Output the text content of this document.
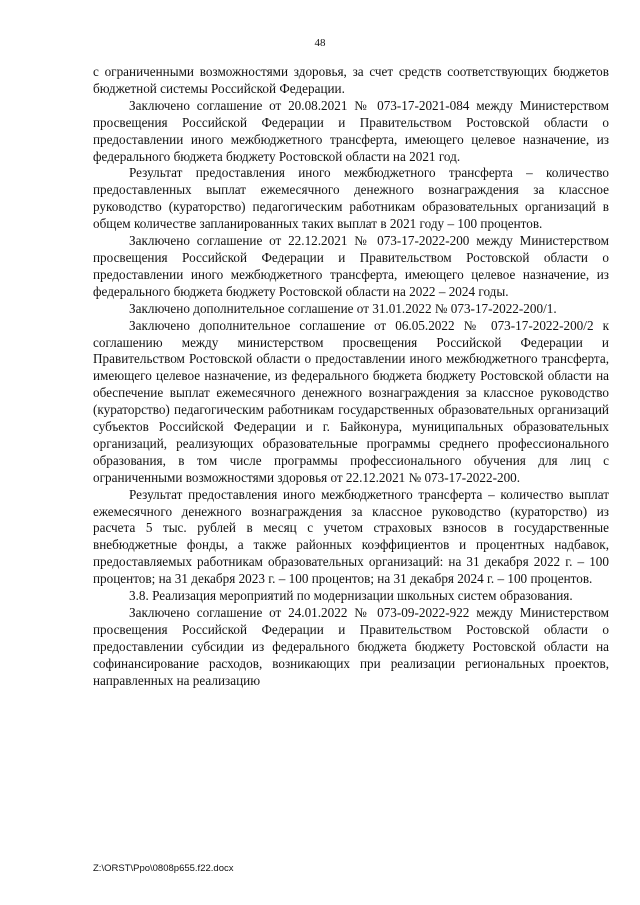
48

с ограниченными возможностями здоровья, за счет средств соответствующих бюджетов бюджетной системы Российской Федерации.

Заключено соглашение от 20.08.2021 № 073-17-2021-084 между Министерством просвещения Российской Федерации и Правительством Ростовской области о предоставлении иного межбюджетного трансферта, имеющего целевое назначение, из федерального бюджета бюджету Ростовской области на 2021 год.

Результат предоставления иного межбюджетного трансферта – количество предоставленных выплат ежемесячного денежного вознаграждения за классное руководство (кураторство) педагогическим работникам образовательных организаций в общем количестве запланированных таких выплат в 2021 году – 100 процентов.

Заключено соглашение от 22.12.2021 № 073-17-2022-200 между Министерством просвещения Российской Федерации и Правительством Ростовской области о предоставлении иного межбюджетного трансферта, имеющего целевое назначение, из федерального бюджета бюджету Ростовской области на 2022 – 2024 годы.

Заключено дополнительное соглашение от 31.01.2022 № 073-17-2022-200/1.

Заключено дополнительное соглашение от 06.05.2022 № 073-17-2022-200/2 к соглашению между министерством просвещения Российской Федерации и Правительством Ростовской области о предоставлении иного межбюджетного трансферта, имеющего целевое назначение, из федерального бюджета бюджету Ростовской области на обеспечение выплат ежемесячного денежного вознаграждения за классное руководство (кураторство) педагогическим работникам государственных образовательных организаций субъектов Российской Федерации и г. Байконура, муниципальных образовательных организаций, реализующих образовательные программы среднего профессионального образования, в том числе программы профессионального обучения для лиц с ограниченными возможностями здоровья от 22.12.2021 № 073-17-2022-200.

Результат предоставления иного межбюджетного трансферта – количество выплат ежемесячного денежного вознаграждения за классное руководство (кураторство) из расчета 5 тыс. рублей в месяц с учетом страховых взносов в государственные внебюджетные фонды, а также районных коэффициентов и процентных надбавок, предоставляемых работникам образовательных организаций: на 31 декабря 2022 г. – 100 процентов; на 31 декабря 2023 г. – 100 процентов; на 31 декабря 2024 г. – 100 процентов.

3.8. Реализация мероприятий по модернизации школьных систем образования.

Заключено соглашение от 24.01.2022 № 073-09-2022-922 между Министерством просвещения Российской Федерации и Правительством Ростовской области о предоставлении субсидии из федерального бюджета бюджету Ростовской области на софинансирование расходов, возникающих при реализации региональных проектов, направленных на реализацию

Z:\ORST\Ppo\0808p655.f22.docx
